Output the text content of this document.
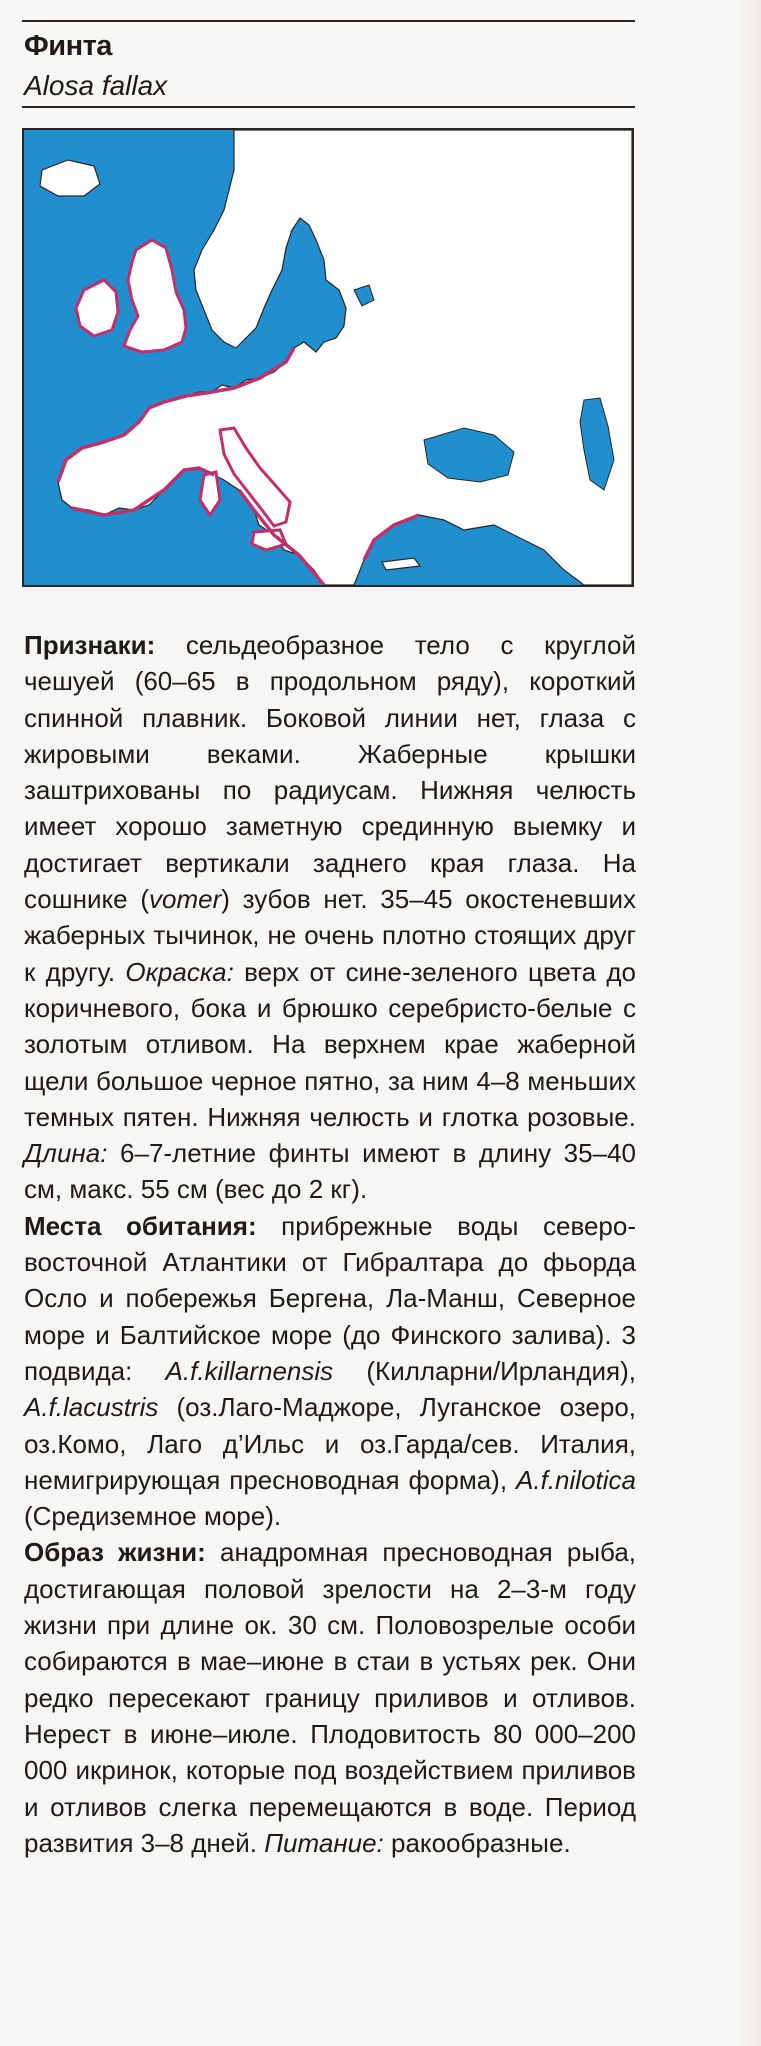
Финта
Alosa fallax

Признаки: сельдеобразное тело с круглой чешуей (60–65 в продольном ряду), короткий спинной плавник. Боковой линии нет, глаза с жировыми веками. Жаберные крышки заштрихованы по радиусам. Нижняя челюсть имеет хорошо заметную срединную выемку и достигает вертикали заднего края глаза. На сошнике (vomer) зубов нет. 35–45 окостеневших жаберных тычинок, не очень плотно стоящих друг к другу. Окраска: верх от сине-зеленого цвета до коричневого, бока и брюшко серебристо-белые с золотым отливом. На верхнем крае жаберной щели большое черное пятно, за ним 4–8 меньших темных пятен. Нижняя челюсть и глотка розовые. Длина: 6–7-летние финты имеют в длину 35–40 см, макс. 55 см (вес до 2 кг).

Места обитания: прибрежные воды северо-восточной Атлантики от Гибралтара до фьорда Осло и побережья Бергена, Ла-Манш, Северное море и Балтийское море (до Финского залива). 3 подвида: A.f.killarnensis (Килларни/Ирландия), A.f.lacustris (оз.Лаго-Маджоре, Луганское озеро, оз.Комо, Лаго д’Ильс и оз.Гарда/сев. Италия, немигрирующая пресноводная форма), A.f.nilotica (Средиземное море).

Образ жизни: анадромная пресноводная рыба, достигающая половой зрелости на 2–3-м году жизни при длине ок. 30 см. Половозрелые особи собираются в мае–июне в стаи в устьях рек. Они редко пересекают границу приливов и отливов. Нерест в июне–июле. Плодовитость 80 000–200 000 икринок, которые под воздействием приливов и отливов слегка перемещаются в воде. Период развития 3–8 дней. Питание: ракообразные.
